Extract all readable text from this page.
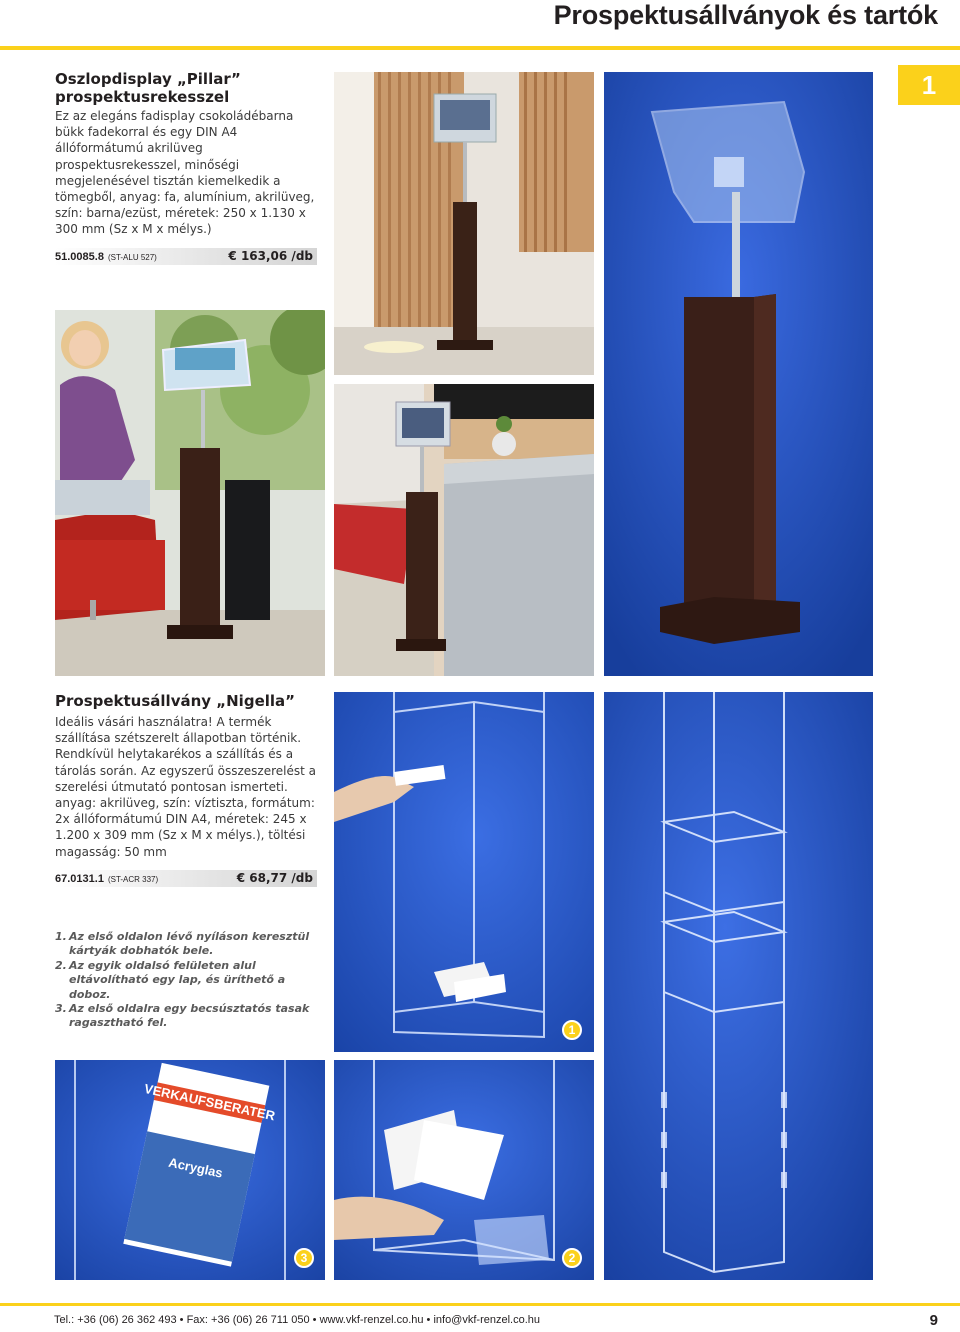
Prospektusállványok és tartók
1
Oszlopdisplay „Pillar” prospektusrekesszel

Ez az elegáns fadisplay csokoládébarna bükk fadekorral és egy DIN A4 állóformátumú akrilüveg prospektusrekesszel, minőségi megjelenésével tisztán kiemelkedik a tömegből, anyag: fa, alumínium, akrilüveg, szín: barna/ezüst, méretek: 250 x 1.130 x 300 mm (Sz x M x mélys.)

51.0085.8 (ST-ALU 527)	€ 163,06 /db
Prospektusállvány „Nigella”

Ideális vásári használatra! A termék szállítása szétszerelt állapotban történik. Rendkívül helytakarékos a szállítás és a tárolás során. Az egyszerű összeszerelést a szerelési útmutató pontosan ismerteti. anyag: akrilüveg, szín: víztiszta, formátum: 2x állóformátumú DIN A4, méretek: 245 x 1.200 x 309 mm (Sz x M x mélys.), töltési magasság: 50 mm

67.0131.1 (ST-ACR 337)	€ 68,77 /db
1. Az első oldalon lévő nyíláson keresztül kártyák dobhatók bele.
2. Az egyik oldalsó felületen alul eltávolítható egy lap, és üríthető a doboz.
3. Az első oldalra egy becsúsztatós tasak ragasztható fel.
VERKAUFSBERATER
Acryglas
1
3	2
Tel.: +36 (06) 26 362 493 • Fax: +36 (06) 26 711 050 • www.vkf-renzel.co.hu • info@vkf-renzel.co.hu	9
